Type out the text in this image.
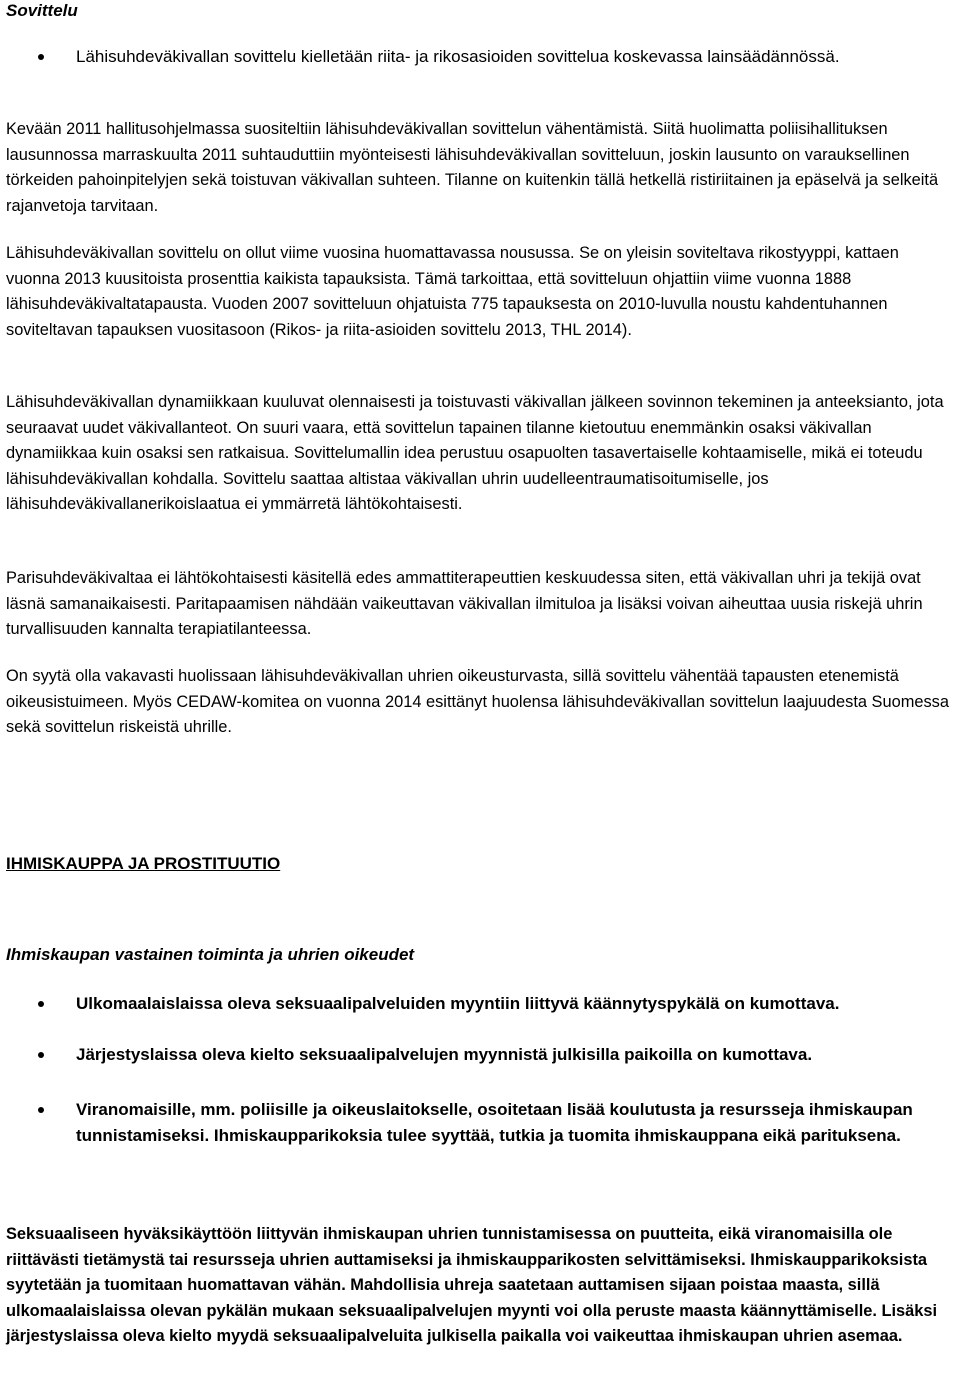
Sovittelu
Lähisuhdeväkivallan sovittelu kielletään riita- ja rikosasioiden sovittelua koskevassa lainsäädännössä.

Kevään 2011 hallitusohjelmassa suositeltiin lähisuhdeväkivallan sovittelun vähentämistä. Siitä huolimatta poliisihallituksen lausunnossa marraskuulta 2011 suhtauduttiin myönteisesti lähisuhdeväkivallan sovitteluun, joskin lausunto on varauksellinen törkeiden pahoinpitelyjen sekä toistuvan väkivallan suhteen. Tilanne on kuitenkin tällä hetkellä ristiriitainen ja epäselvä ja selkeitä rajanvetoja tarvitaan.

Lähisuhdeväkivallan sovittelu on ollut viime vuosina huomattavassa nousussa. Se on yleisin soviteltava rikostyyppi, kattaen vuonna 2013 kuusitoista prosenttia kaikista tapauksista. Tämä tarkoittaa, että sovitteluun ohjattiin viime vuonna 1888 lähisuhdeväkivaltatapausta. Vuoden 2007 sovitteluun ohjatuista 775 tapauksesta on 2010-luvulla noustu kahdentuhannen soviteltavan tapauksen vuositasoon (Rikos- ja riita-asioiden sovittelu 2013, THL 2014).

Lähisuhdeväkivallan dynamiikkaan kuuluvat olennaisesti ja toistuvasti väkivallan jälkeen sovinnon tekeminen ja anteeksianto, jota seuraavat uudet väkivallanteot. On suuri vaara, että sovittelun tapainen tilanne kietoutuu enemmänkin osaksi väkivallan dynamiikkaa kuin osaksi sen ratkaisua. Sovittelumallin idea perustuu osapuolten tasavertaiselle kohtaamiselle, mikä ei toteudu lähisuhdeväkivallan kohdalla. Sovittelu saattaa altistaa väkivallan uhrin uudelleentraumatisoitumiselle, jos lähisuhdeväkivallanerikoislaatua ei ymmärretä lähtökohtaisesti.

Parisuhdeväkivaltaa ei lähtökohtaisesti käsitellä edes ammattiterapeuttien keskuudessa siten, että väkivallan uhri ja tekijä ovat läsnä samanaikaisesti. Paritapaamisen nähdään vaikeuttavan väkivallan ilmituloa ja lisäksi voivan aiheuttaa uusia riskejä uhrin turvallisuuden kannalta terapiatilanteessa.

On syytä olla vakavasti huolissaan lähisuhdeväkivallan uhrien oikeusturvasta, sillä sovittelu vähentää tapausten etenemistä oikeusistuimeen. Myös CEDAW-komitea on vuonna 2014 esittänyt huolensa lähisuhdeväkivallan sovittelun laajuudesta Suomessa sekä sovittelun riskeistä uhrille.

IHMISKAUPPA JA PROSTITUUTIO
Ihmiskaupan vastainen toiminta ja uhrien oikeudet
Ulkomaalaislaissa oleva seksuaalipalveluiden myyntiin liittyvä käännytyspykälä on kumottava.
Järjestyslaissa oleva kielto seksuaalipalvelujen myynnistä julkisilla paikoilla on kumottava.
Viranomaisille, mm. poliisille ja oikeuslaitokselle, osoitetaan lisää koulutusta ja resursseja ihmiskaupan tunnistamiseksi. Ihmiskaupparikoksia tulee syyttää, tutkia ja tuomita ihmiskauppana eikä parituksena.

Seksuaaliseen hyväksikäyttöön liittyvän ihmiskaupan uhrien tunnistamisessa on puutteita, eikä viranomaisilla ole riittävästi tietämystä tai resursseja uhrien auttamiseksi ja ihmiskaupparikosten selvittämiseksi. Ihmiskaupparikoksista syytetään ja tuomitaan huomattavan vähän. Mahdollisia uhreja saatetaan auttamisen sijaan poistaa maasta, sillä ulkomaalaislaissa olevan pykälän mukaan seksuaalipalvelujen myynti voi olla peruste maasta käännyttämiselle. Lisäksi järjestyslaissa oleva kielto myydä seksuaalipalveluita julkisella paikalla voi vaikeuttaa ihmiskaupan uhrien asemaa.
